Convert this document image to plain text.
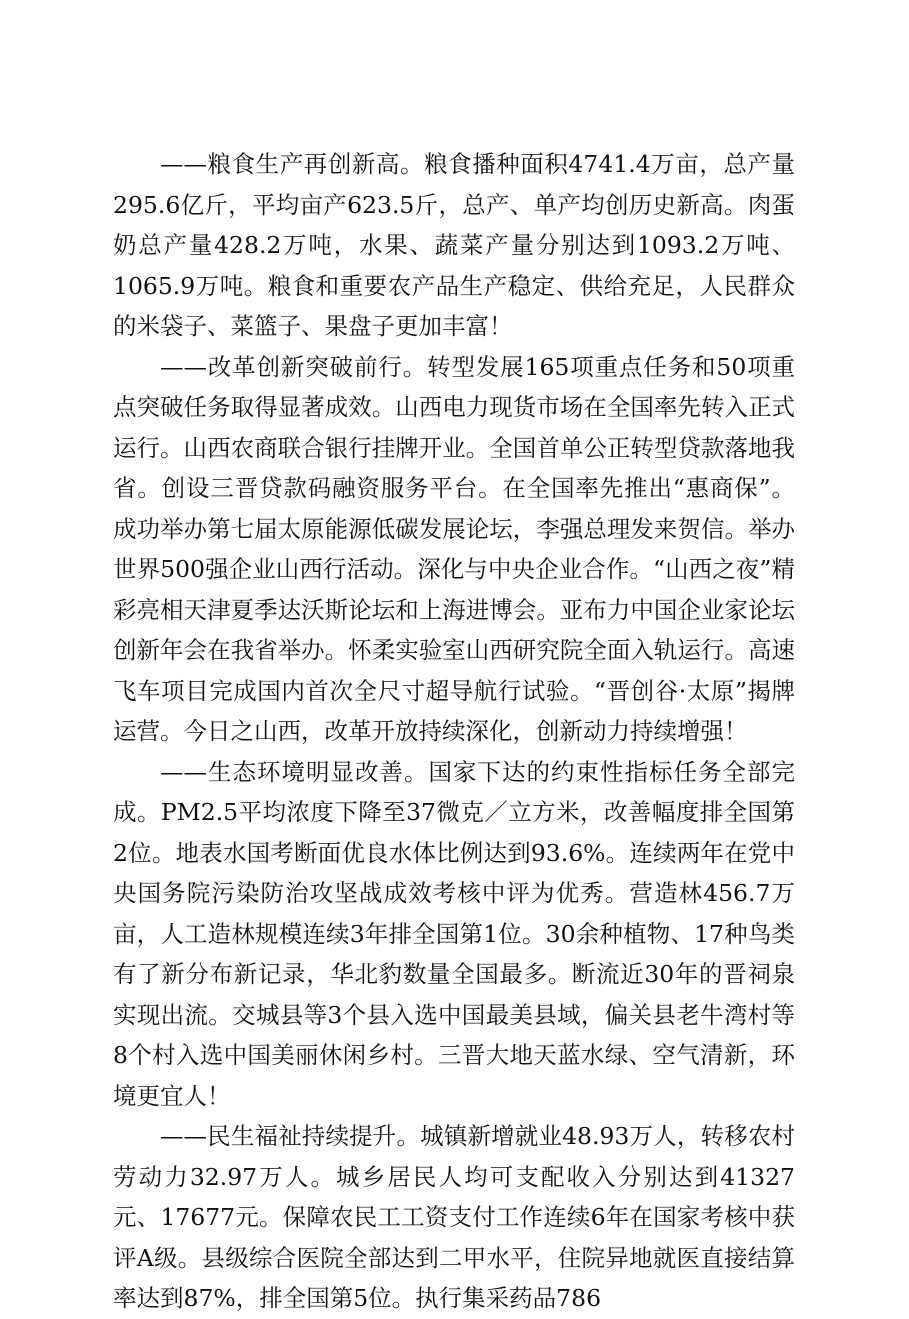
——粮食生产再创新高。粮食播种面积4741.4万亩，总产量295.6亿斤，平均亩产623.5斤，总产、单产均创历史新高。肉蛋奶总产量428.2万吨，水果、蔬菜产量分别达到1093.2万吨、1065.9万吨。粮食和重要农产品生产稳定、供给充足，人民群众的米袋子、菜篮子、果盘子更加丰富！

——改革创新突破前行。转型发展165项重点任务和50项重点突破任务取得显著成效。山西电力现货市场在全国率先转入正式运行。山西农商联合银行挂牌开业。全国首单公正转型贷款落地我省。创设三晋贷款码融资服务平台。在全国率先推出“惠商保”。成功举办第七届太原能源低碳发展论坛，李强总理发来贺信。举办世界500强企业山西行活动。深化与中央企业合作。“山西之夜”精彩亮相天津夏季达沃斯论坛和上海进博会。亚布力中国企业家论坛创新年会在我省举办。怀柔实验室山西研究院全面入轨运行。高速飞车项目完成国内首次全尺寸超导航行试验。“晋创谷·太原”揭牌运营。今日之山西，改革开放持续深化，创新动力持续增强！

——生态环境明显改善。国家下达的约束性指标任务全部完成。PM2.5平均浓度下降至37微克／立方米，改善幅度排全国第2位。地表水国考断面优良水体比例达到93.6%。连续两年在党中央国务院污染防治攻坚战成效考核中评为优秀。营造林456.7万亩，人工造林规模连续3年排全国第1位。30余种植物、17种鸟类有了新分布新记录，华北豹数量全国最多。断流近30年的晋祠泉实现出流。交城县等3个县入选中国最美县域，偏关县老牛湾村等8个村入选中国美丽休闲乡村。三晋大地天蓝水绿、空气清新，环境更宜人！

——民生福祉持续提升。城镇新增就业48.93万人，转移农村劳动力32.97万人。城乡居民人均可支配收入分别达到41327元、17677元。保障农民工工资支付工作连续6年在国家考核中获评A级。县级综合医院全部达到二甲水平，住院异地就医直接结算率达到87%，排全国第5位。执行集采药品786
